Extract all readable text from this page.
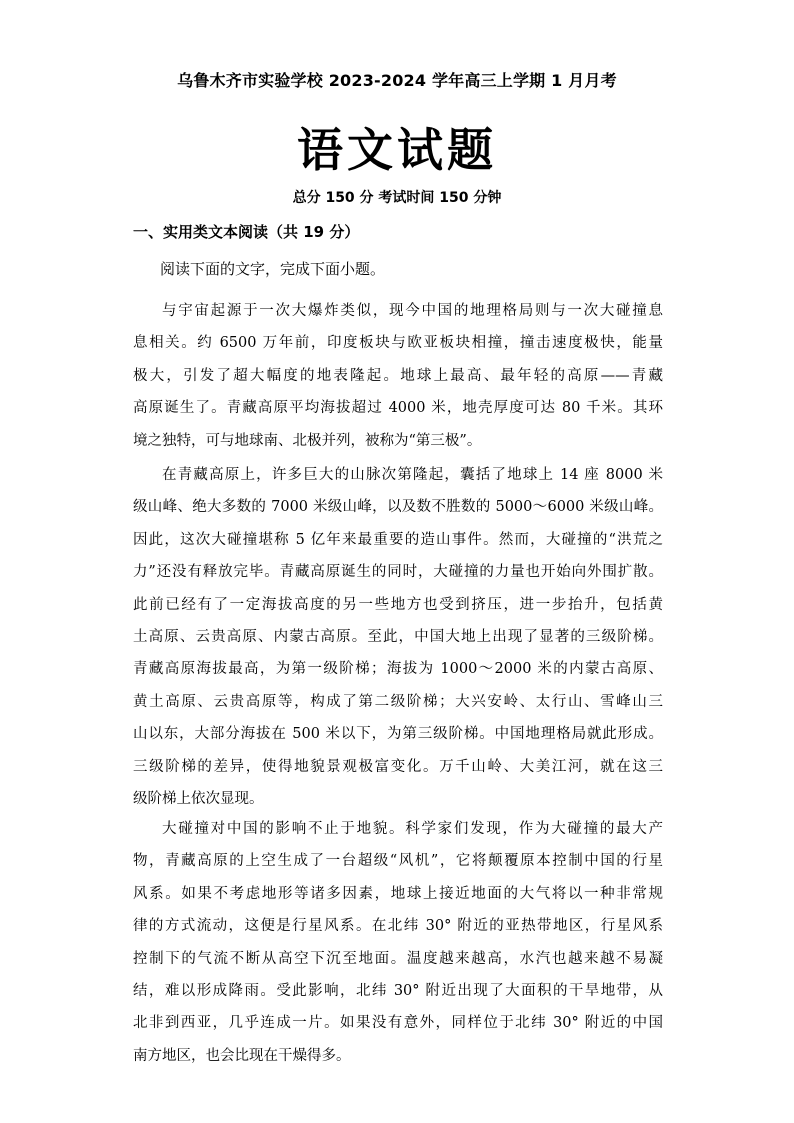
乌鲁木齐市实验学校 2023-2024 学年高三上学期 1 月月考
语文试题
总分 150 分 考试时间 150 分钟
一、实用类文本阅读（共 19 分）
阅读下面的文字，完成下面小题。
与宇宙起源于一次大爆炸类似，现今中国的地理格局则与一次大碰撞息
息相关。约 6500 万年前，印度板块与欧亚板块相撞，撞击速度极快，能量
极大，引发了超大幅度的地表隆起。地球上最高、最年轻的高原——青藏
高原诞生了。青藏高原平均海拔超过 4000 米，地壳厚度可达 80 千米。其环
境之独特，可与地球南、北极并列，被称为“第三极”。
在青藏高原上，许多巨大的山脉次第隆起，囊括了地球上 14 座 8000 米
级山峰、绝大多数的 7000 米级山峰，以及数不胜数的 5000～6000 米级山峰。
因此，这次大碰撞堪称 5 亿年来最重要的造山事件。然而，大碰撞的“洪荒之
力”还没有释放完毕。青藏高原诞生的同时，大碰撞的力量也开始向外围扩散。
此前已经有了一定海拔高度的另一些地方也受到挤压，进一步抬升，包括黄
土高原、云贵高原、内蒙古高原。至此，中国大地上出现了显著的三级阶梯。
青藏高原海拔最高，为第一级阶梯；海拔为 1000～2000 米的内蒙古高原、
黄土高原、云贵高原等，构成了第二级阶梯；大兴安岭、太行山、雪峰山三
山以东，大部分海拔在 500 米以下，为第三级阶梯。中国地理格局就此形成。
三级阶梯的差异，使得地貌景观极富变化。万千山岭、大美江河，就在这三
级阶梯上依次显现。
大碰撞对中国的影响不止于地貌。科学家们发现，作为大碰撞的最大产
物，青藏高原的上空生成了一台超级“风机”，它将颠覆原本控制中国的行星
风系。如果不考虑地形等诸多因素，地球上接近地面的大气将以一种非常规
律的方式流动，这便是行星风系。在北纬 30° 附近的亚热带地区，行星风系
控制下的气流不断从高空下沉至地面。温度越来越高，水汽也越来越不易凝
结，难以形成降雨。受此影响，北纬 30° 附近出现了大面积的干旱地带，从
北非到西亚，几乎连成一片。如果没有意外，同样位于北纬 30° 附近的中国
南方地区，也会比现在干燥得多。
